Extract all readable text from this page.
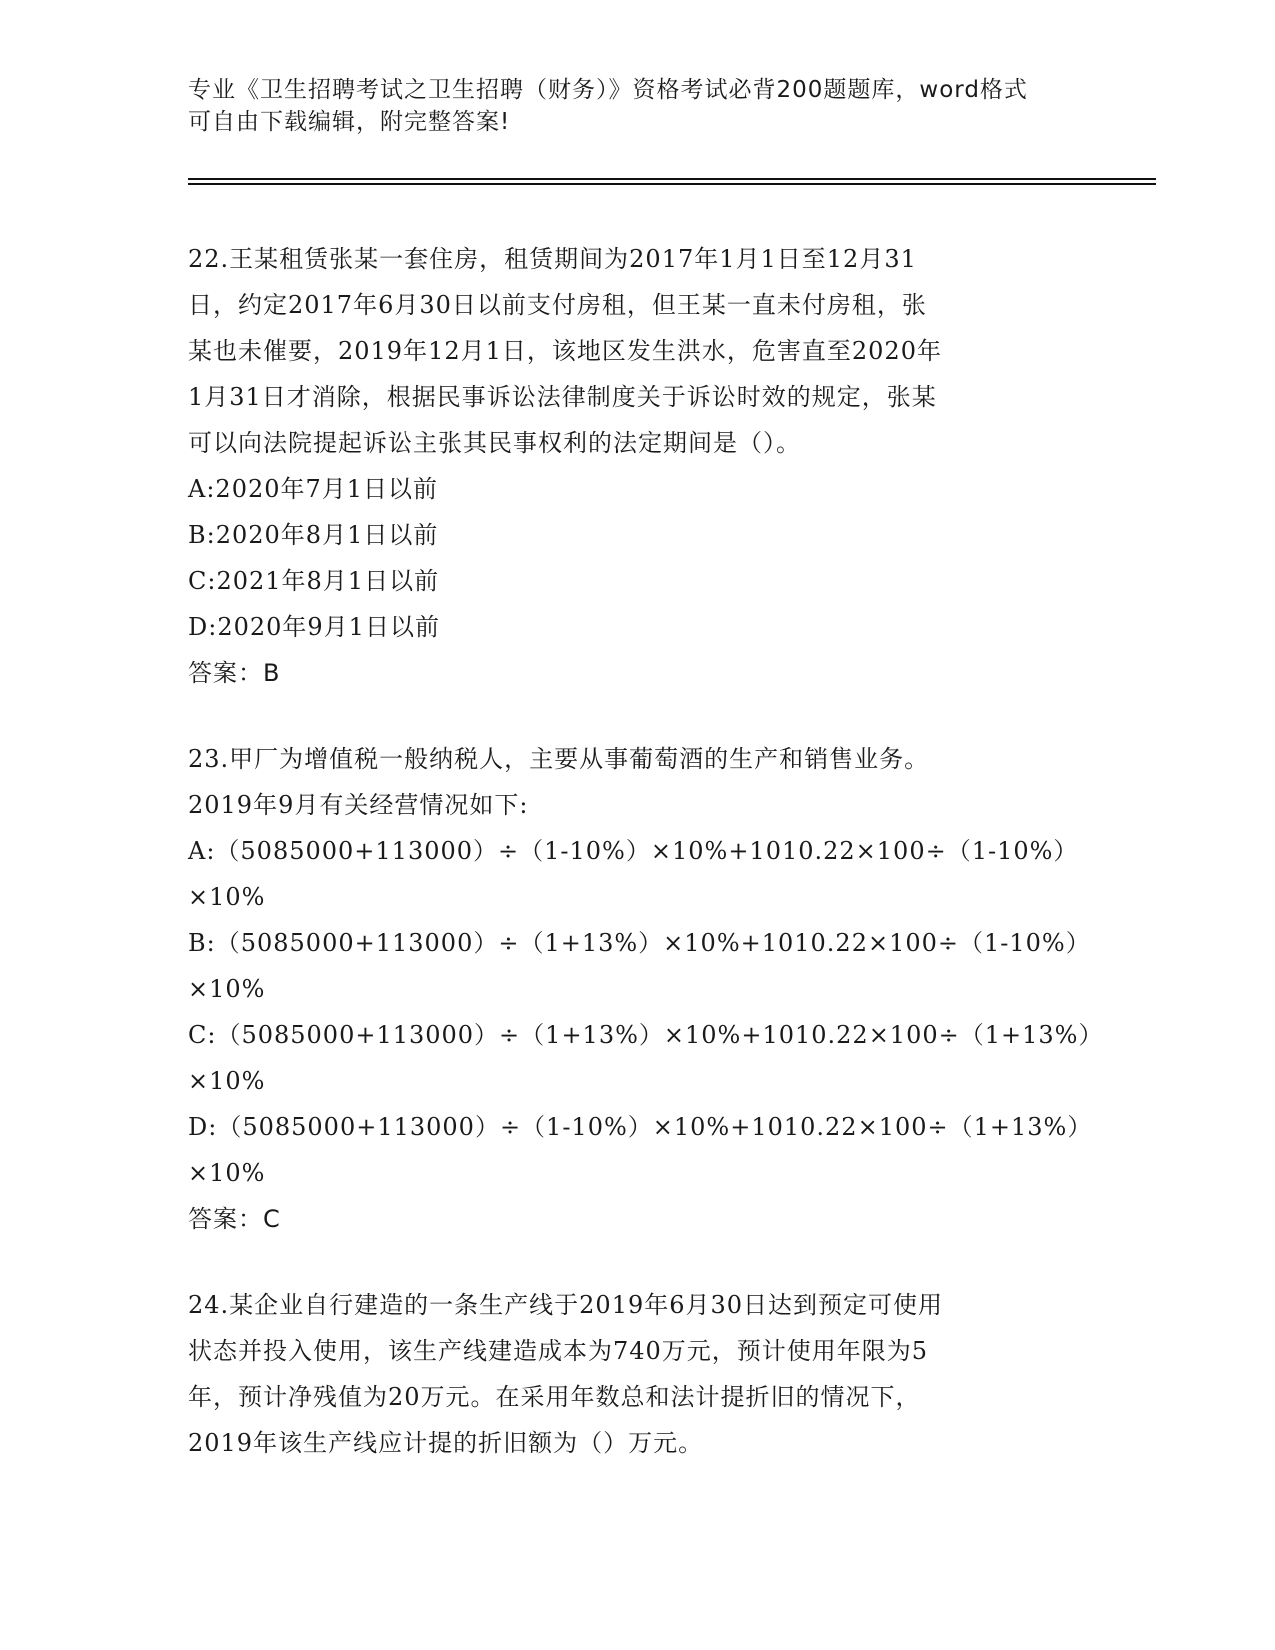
专业《卫生招聘考试之卫生招聘（财务）》资格考试必背200题题库，word格式
可自由下载编辑，附完整答案!
22.王某租赁张某一套住房，租赁期间为2017年1月1日至12月31
日，约定2017年6月30日以前支付房租，但王某一直未付房租，张
某也未催要，2019年12月1日，该地区发生洪水，危害直至2020年
1月31日才消除，根据民事诉讼法律制度关于诉讼时效的规定，张某
可以向法院提起诉讼主张其民事权利的法定期间是（）。
A:2020年7月1日以前
B:2020年8月1日以前
C:2021年8月1日以前
D:2020年9月1日以前
答案：B
23.甲厂为增值税一般纳税人，主要从事葡萄酒的生产和销售业务。
2019年9月有关经营情况如下:
A:（5085000+113000）÷（1-10%）×10%+1010.22×100÷（1-10%）
×10%
B:（5085000+113000）÷（1+13%）×10%+1010.22×100÷（1-10%）
×10%
C:（5085000+113000）÷（1+13%）×10%+1010.22×100÷（1+13%）
×10%
D:（5085000+113000）÷（1-10%）×10%+1010.22×100÷（1+13%）
×10%
答案：C
24.某企业自行建造的一条生产线于2019年6月30日达到预定可使用
状态并投入使用，该生产线建造成本为740万元，预计使用年限为5
年，预计净残值为20万元。在采用年数总和法计提折旧的情况下，
2019年该生产线应计提的折旧额为（）万元。
